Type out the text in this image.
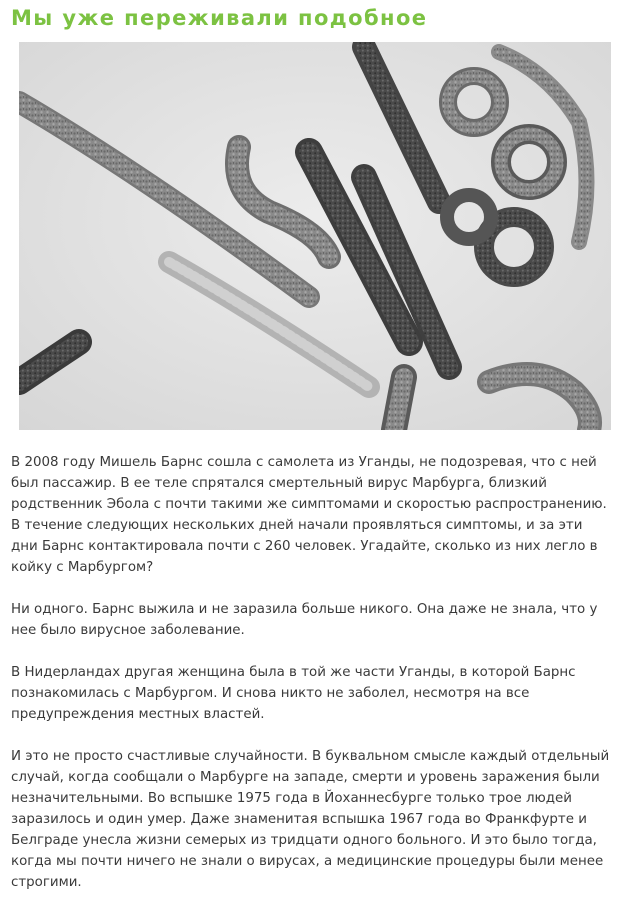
Мы уже переживали подобное

В 2008 году Мишель Барнс сошла с самолета из Уганды, не подозревая, что с ней был пассажир. В ее теле спрятался смертельный вирус Марбурга, близкий родственник Эбола с почти такими же симптомами и скоростью распространению. В течение следующих нескольких дней начали проявляться симптомы, и за эти дни Барнс контактировала почти с 260 человек. Угадайте, сколько из них легло в койку с Марбургом?

Ни одного. Барнс выжила и не заразила больше никого. Она даже не знала, что у нее было вирусное заболевание.

В Нидерландах другая женщина была в той же части Уганды, в которой Барнс познакомилась с Марбургом. И снова никто не заболел, несмотря на все предупреждения местных властей.

И это не просто счастливые случайности. В буквальном смысле каждый отдельный случай, когда сообщали о Марбурге на западе, смерти и уровень заражения были незначительными. Во вспышке 1975 года в Йоханнесбурге только трое людей заразилось и один умер. Даже знаменитая вспышка 1967 года во Франкфурте и Белграде унесла жизни семерых из тридцати одного больного. И это было тогда, когда мы почти ничего не знали о вирусах, а медицинские процедуры были менее строгими.
